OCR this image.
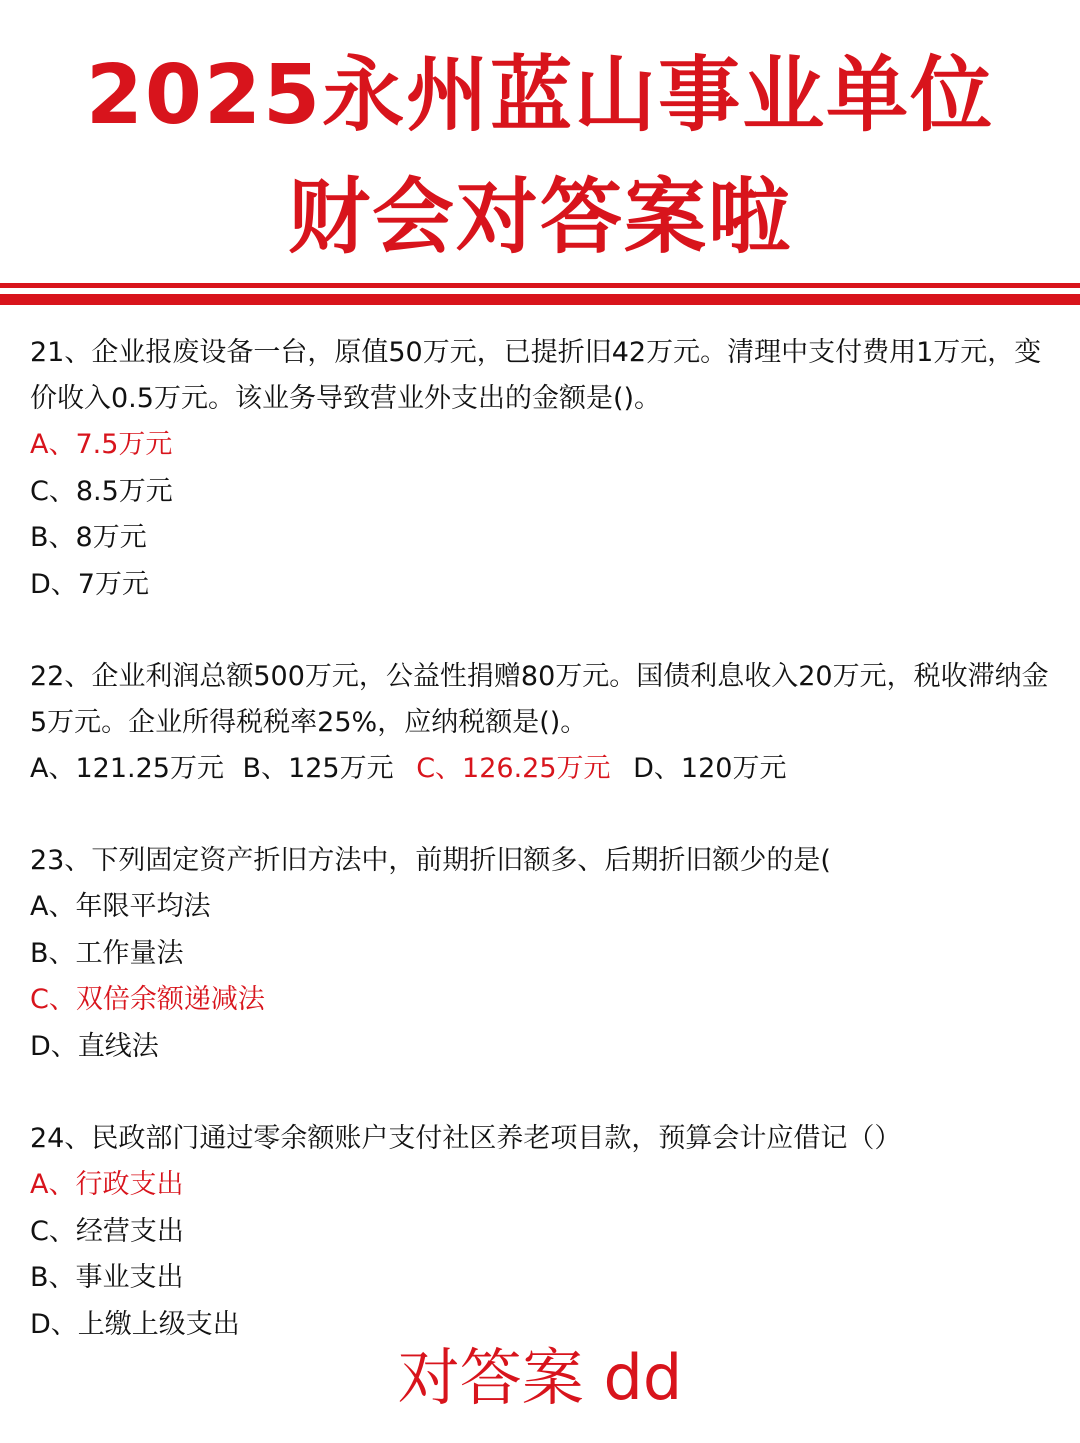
2025永州蓝山事业单位
财会对答案啦
21、企业报废设备一台，原值50万元，已提折旧42万元。清理中支付费用1万元，变价收入0.5万元。该业务导致营业外支出的金额是()。
A、7.5万元
C、8.5万元
B、8万元
D、7万元
22、企业利润总额500万元，公益性捐赠80万元。国债利息收入20万元，税收滞纳金5万元。企业所得税税率25%，应纳税额是()。
A、121.25万元 B、125万元 C、126.25万元 D、120万元
23、下列固定资产折旧方法中，前期折旧额多、后期折旧额少的是(
A、年限平均法
B、工作量法
C、双倍余额递减法
D、直线法
24、民政部门通过零余额账户支付社区养老项目款，预算会计应借记（）
A、行政支出
C、经营支出
B、事业支出
D、上缴上级支出
对答案 dd
